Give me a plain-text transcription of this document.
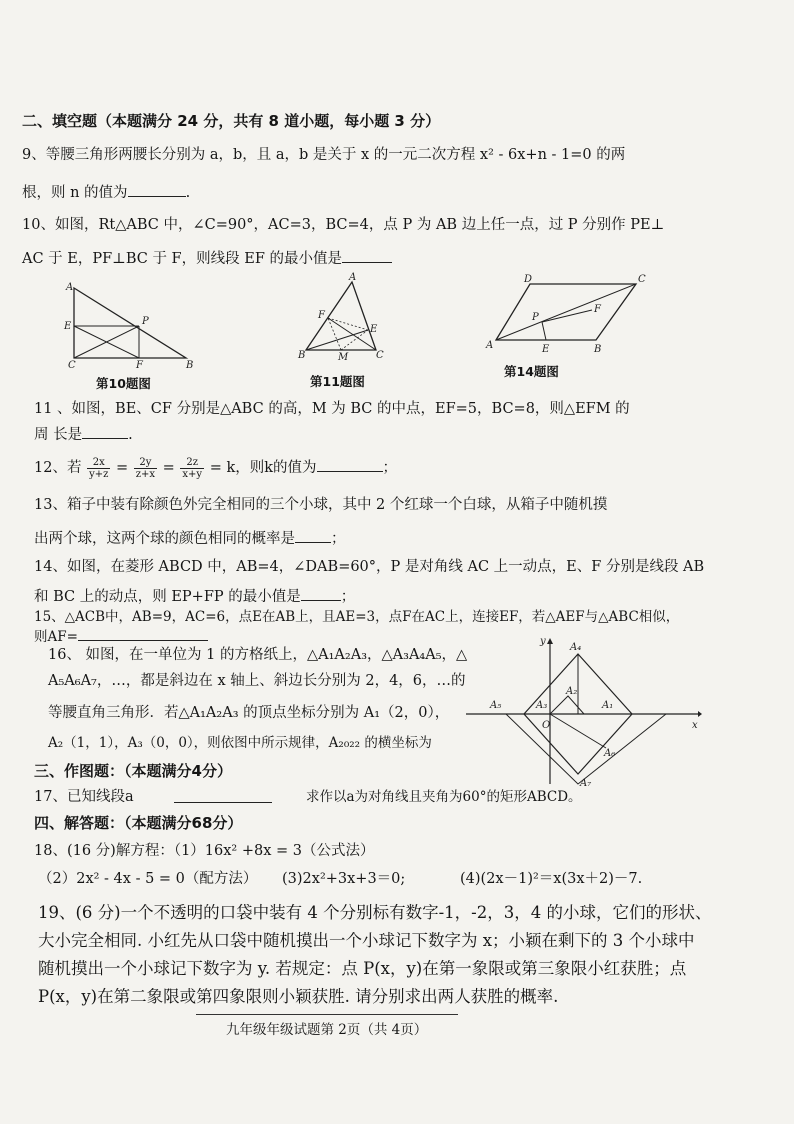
二、填空题（本题满分 24 分，共有 8 道小题，每小题 3 分）
9、等腰三角形两腰长分别为 a，b，且 a，b 是关于 x 的一元二次方程 x² - 6x+n - 1=0 的两
根，则 n 的值为	.
10、如图，Rt△ABC 中，∠C=90°，AC=3，BC=4，点 P 为 AB 边上任一点，过 P 分别作 PE⊥
AC 于 E，PF⊥BC 于 F，则线段 EF 的最小值是
A
E	P
C	F	B
第10题图
A
E
F
B	M	C
第11题图
D	C
P
F
A	E	B
第14题图
11 、如图，BE、CF 分别是△ABC 的高，M 为 BC 的中点，EF=5，BC=8，则△EFM 的
周 长是	.
12、若 $\frac{2x}{y+z} = \frac{2y}{z+x} = \frac{2z}{x+y} = k$，则k的值为	；
13、箱子中装有除颜色外完全相同的三个小球，其中 2 个红球一个白球，从箱子中随机摸
出两个球，这两个球的颜色相同的概率是 ；
14、如图，在菱形 ABCD 中，AB=4，∠DAB=60°，P 是对角线 AC 上一动点，E、F 分别是线段 AB
和 BC 上的动点，则 EP+FP 的最小值是	；
15、△ACB中，AB=9，AC=6，点E在AB上，且AE=3，点F在AC上，连接EF，若△AEF与△ABC相似，
则AF=
16、 如图，在一单位为 1 的方格纸上，△A₁A₂A₃，△A₃A₄A₅，△
A₅A₆A₇，…，都是斜边在 x 轴上、斜边长分别为 2，4，6，…的
等腰直角三角形．若△A₁A₂A₃ 的顶点坐标分别为 A₁（2，0），
A₂（1，1），A₃（0，0），则依图中所示规律，A₂₀₂₂ 的横坐标为
y
A₄
A₂
A₁
A₃
O
A₅
A₆
A₇
x
三、作图题：（本题满分4分）
17、已知线段a	求作以a为对角线且夹角为60°的矩形ABCD。
四、解答题：（本题满分68分）
18、(16 分)解方程：（1）16x² +8x = 3（公式法）
（2）2x² - 4x - 5 = 0（配方法） (3)2x²+3x+3＝0;	(4)(2x－1)²＝x(3x＋2)－7.
19、(6 分)一个不透明的口袋中装有 4 个分别标有数字-1，-2，3，4 的小球，它们的形状、
大小完全相同. 小红先从口袋中随机摸出一个小球记下数字为 x；小颖在剩下的 3 个小球中
随机摸出一个小球记下数字为 y. 若规定：点 P(x，y)在第一象限或第三象限小红获胜；点
P(x，y)在第二象限或第四象限则小颖获胜. 请分别求出两人获胜的概率.
九年级年级试题第 2页（共 4页）
